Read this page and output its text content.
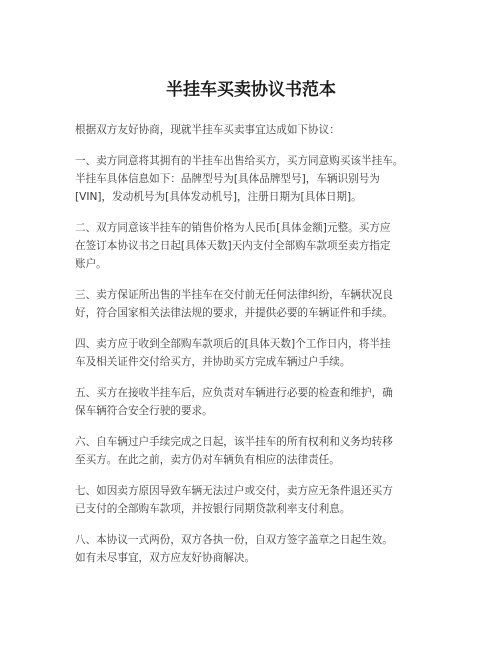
半挂车买卖协议书范本

根据双方友好协商，现就半挂车买卖事宜达成如下协议：

一、卖方同意将其拥有的半挂车出售给买方，买方同意购买该半挂车。
半挂车具体信息如下：品牌型号为[具体品牌型号]，车辆识别号为
[VIN]，发动机号为[具体发动机号]，注册日期为[具体日期]。

二、双方同意该半挂车的销售价格为人民币[具体金额]元整。买方应
在签订本协议书之日起[具体天数]天内支付全部购车款项至卖方指定
账户。

三、卖方保证所出售的半挂车在交付前无任何法律纠纷，车辆状况良
好，符合国家相关法律法规的要求，并提供必要的车辆证件和手续。

四、卖方应于收到全部购车款项后的[具体天数]个工作日内，将半挂
车及相关证件交付给买方，并协助买方完成车辆过户手续。

五、买方在接收半挂车后，应负责对车辆进行必要的检查和维护，确
保车辆符合安全行驶的要求。

六、自车辆过户手续完成之日起，该半挂车的所有权利和义务均转移
至买方。在此之前，卖方仍对车辆负有相应的法律责任。

七、如因卖方原因导致车辆无法过户或交付，卖方应无条件退还买方
已支付的全部购车款项，并按银行同期贷款利率支付利息。

八、本协议一式两份，双方各执一份，自双方签字盖章之日起生效。
如有未尽事宜，双方应友好协商解决。
